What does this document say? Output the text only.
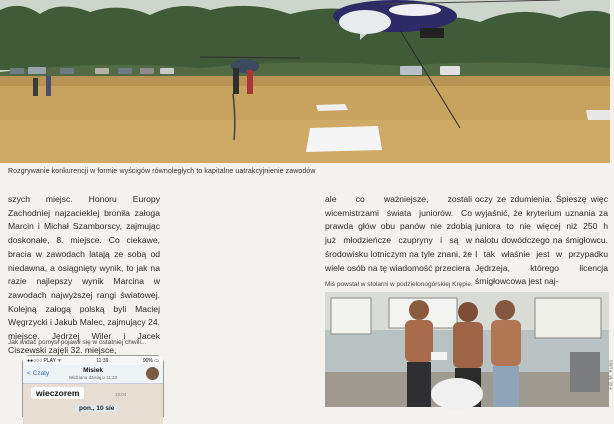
Rozgrywanie konkurencji w formie wyścigów równoległych to kapitalne uatrakcyjnienie zawodów

szych miejsc. Honoru Europy Zachodniej najzacieklej broniła załoga Marcin i Michał Szamborscy, zajmując doskonałe, 8. miejsce. Co ciekawe, bracia w zawodach latają ze sobą od niedawna, a osiągnięty wynik, to jak na razie najlepszy wynik Marcina w zawodach najwyższej rangi światowej. Kolejną załogą polską byli Maciej Węgrzycki i Jakub Malec, zajmujący 24. miejsce. Jędrzej Wiler i Jacek Ciszewski zajęli 32. miejsce,

Jak widać pomysł pojawił się w ostatniej chwili...
●●○○○ PLAY ᯤ	11:39	90% ▭
< Czaty	Misiek
Widziano dzisiaj o 11:23
wieczorem	18:04
pon., 10 sie

ale co ważniejsze, zostali wicemistrzami świata juniorów. Co prawda głów obu panów nie zdobią już młodzieńcze czupryny i są w środowisku lotniczym na tyle znani, że wiele osób na tę wiadomość przeciera

oczy ze zdumienia. Śpieszę więc wyjaśnić, że kryterium uznania za juniora to nie więcej niż 250 h nalotu dowódczego na śmigłowcu. I tak właśnie jest w przypadku Jędrzeja, którego licencja śmigłowcowa jest naj-

Miś powstał w stolarni w podzielonogórskiej Krępie.
Fot. M. Kułas
